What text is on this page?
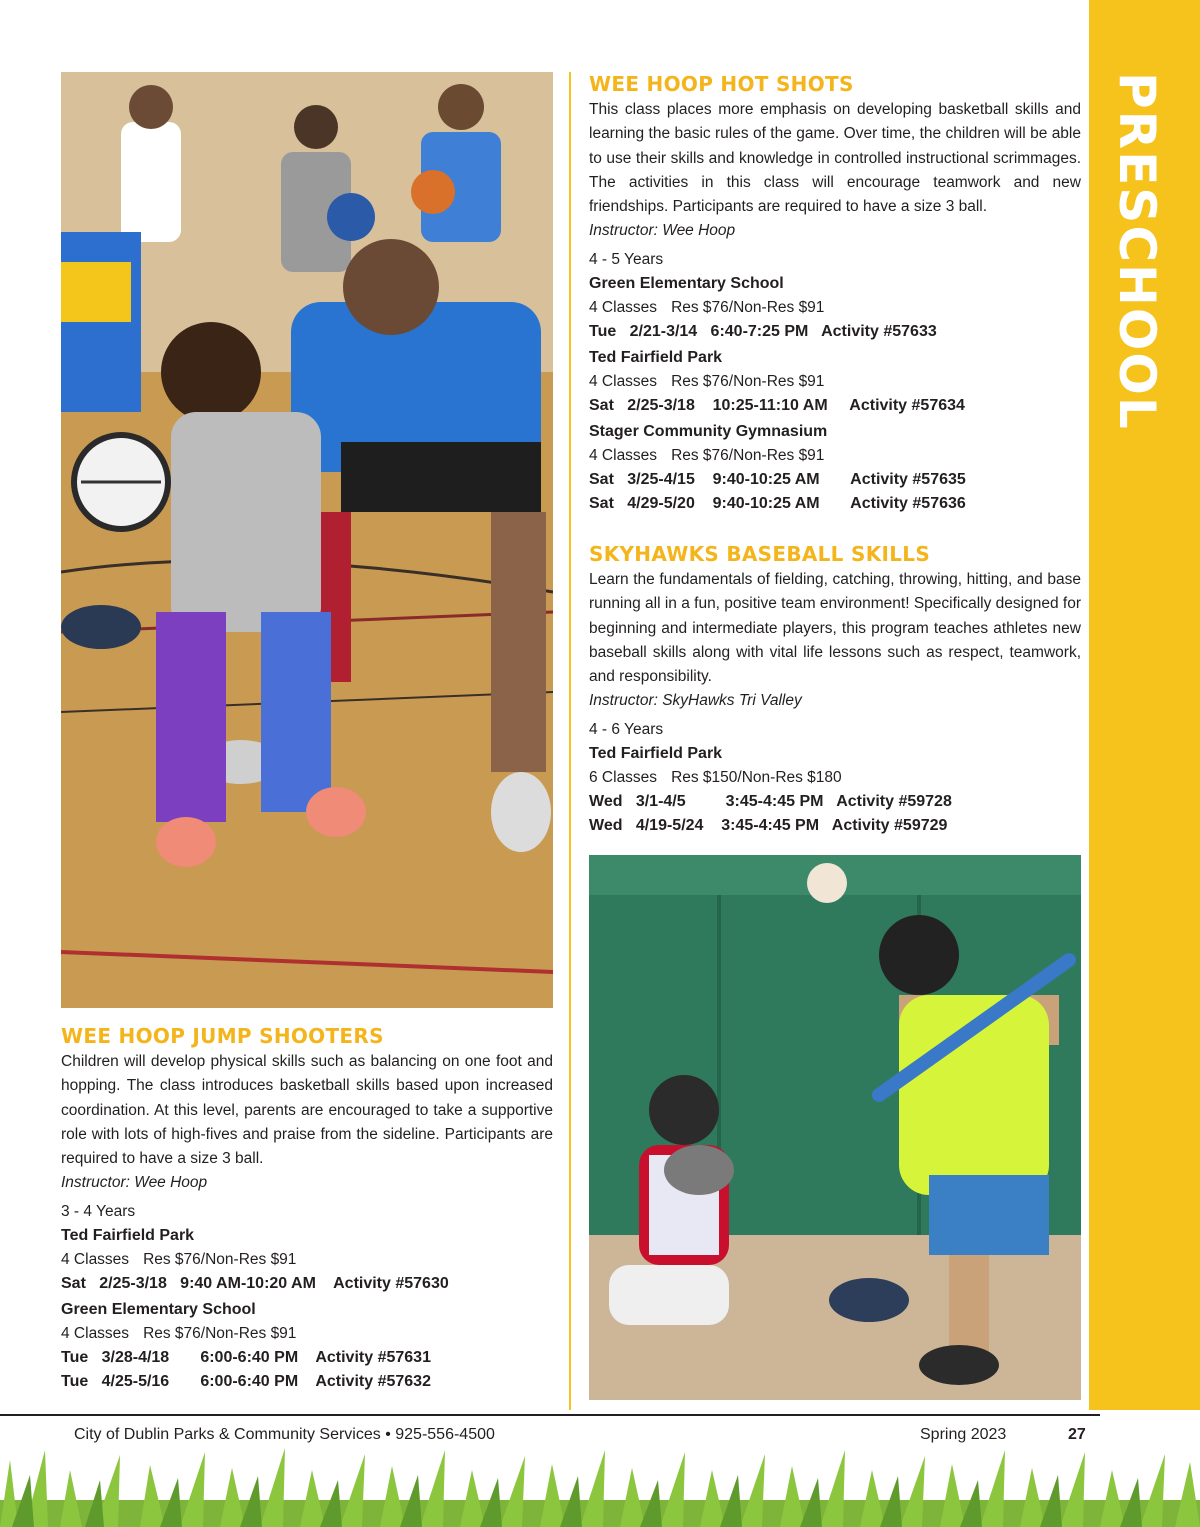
PRESCHOOL
WEE HOOP HOT SHOTS

This class places more emphasis on developing basketball skills and learning the basic rules of the game. Over time, the children will be able to use their skills and knowledge in controlled instructional scrimmages. The activities in this class will encourage teamwork and new friendships. Participants are required to have a size 3 ball.

Instructor: Wee Hoop
4 - 5 Years
Green Elementary School
4 Classes Res $76/Non-Res $91
Tue   2/21-3/14   6:40-7:25 PM   Activity #57633
Ted Fairfield Park
4 Classes Res $76/Non-Res $91
Sat   2/25-3/18    10:25-11:10 AM     Activity #57634
Stager Community Gymnasium
4 Classes Res $76/Non-Res $91
Sat   3/25-4/15    9:40-10:25 AM       Activity #57635
Sat   4/29-5/20    9:40-10:25 AM       Activity #57636
SKYHAWKS BASEBALL SKILLS

Learn the fundamentals of fielding, catching, throwing, hitting, and base running all in a fun, positive team environment! Specifically designed for beginning and intermediate players, this program teaches athletes new baseball skills along with vital life lessons such as respect, teamwork, and responsibility.

Instructor: SkyHawks Tri Valley
4 - 6 Years
Ted Fairfield Park
6 Classes Res $150/Non-Res $180
Wed   3/1-4/5         3:45-4:45 PM   Activity #59728
Wed   4/19-5/24    3:45-4:45 PM   Activity #59729
WEE HOOP JUMP SHOOTERS

Children will develop physical skills such as balancing on one foot and hopping. The class introduces basketball skills based upon increased coordination. At this level, parents are encouraged to take a supportive role with lots of high-fives and praise from the sideline. Participants are required to have a size 3 ball.

Instructor: Wee Hoop
3 - 4 Years
Ted Fairfield Park
4 Classes Res $76/Non-Res $91
Sat   2/25-3/18   9:40 AM-10:20 AM    Activity #57630
Green Elementary School
4 Classes Res $76/Non-Res $91
Tue   3/28-4/18       6:00-6:40 PM    Activity #57631
Tue   4/25-5/16       6:00-6:40 PM    Activity #57632
City of Dublin Parks & Community Services • 925-556-4500	Spring 2023	27
